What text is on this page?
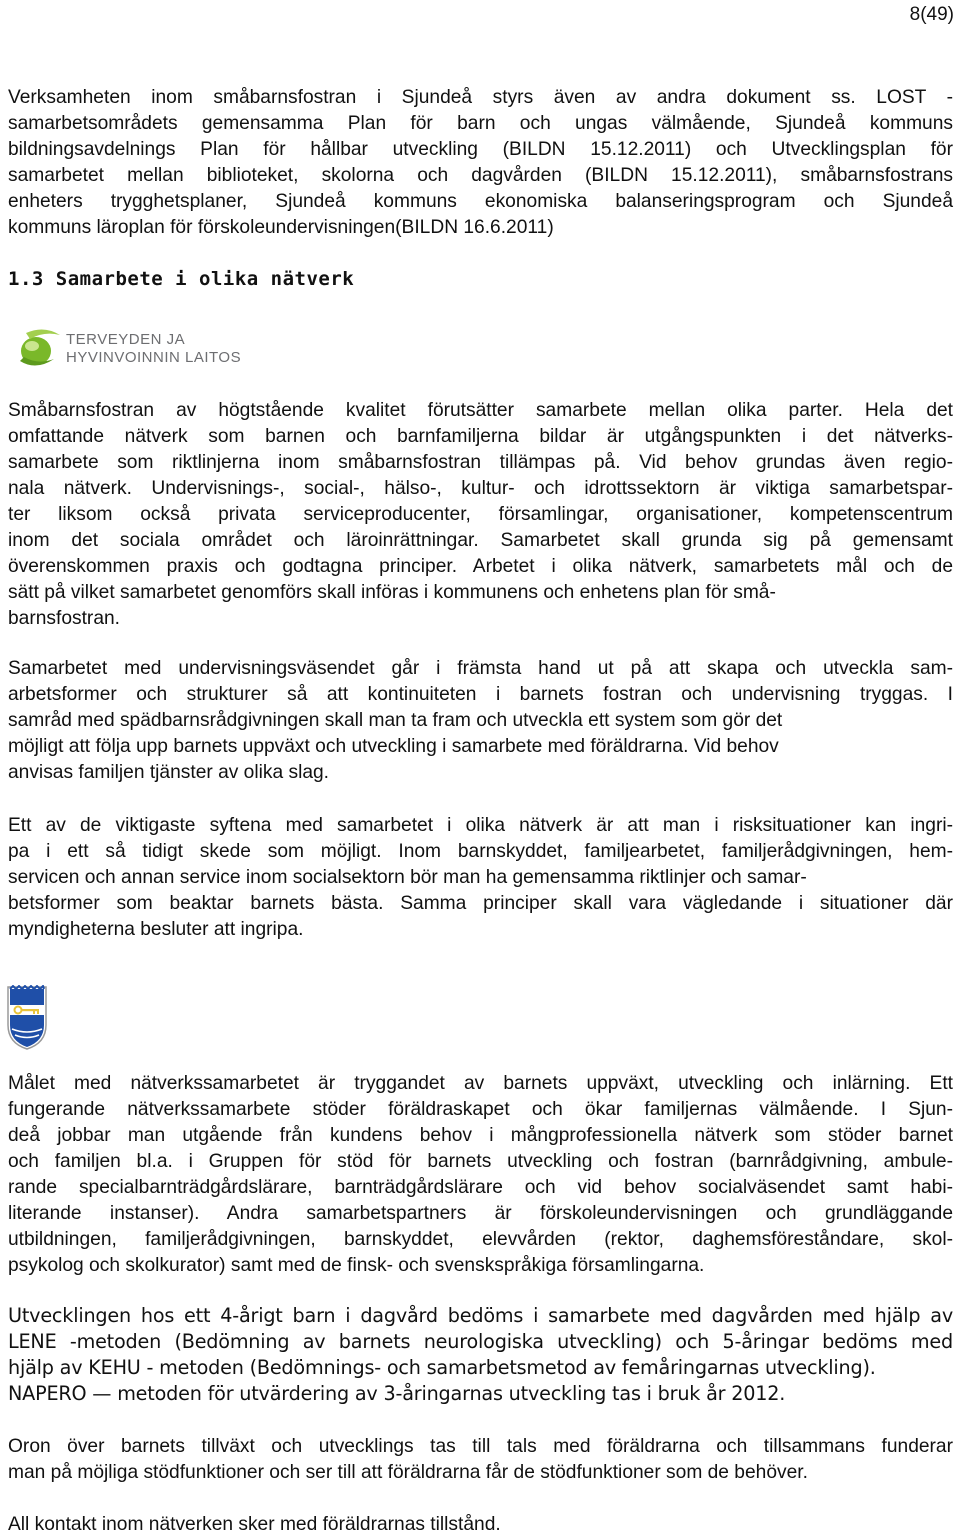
8(49)

Verksamheten inom småbarnsfostran i Sjundeå styrs även av andra dokument ss. LOST -
samarbetsområdets gemensamma Plan för barn och ungas välmående, Sjundeå kommuns
bildningsavdelnings Plan för hållbar utveckling (BILDN 15.12.2011) och Utvecklingsplan för
samarbetet mellan biblioteket, skolorna och dagvården (BILDN 15.12.2011), småbarnsfostrans
enheters trygghetsplaner, Sjundeå kommuns ekonomiska balanseringsprogram och Sjundeå
kommuns läroplan för förskoleundervisningen(BILDN 16.6.2011)

1.3 Samarbete i olika nätverk
TERVEYDEN JA
HYVINVOINNIN LAITOS

Småbarnsfostran av högtstående kvalitet förutsätter samarbete mellan olika parter. Hela det
omfattande nätverk som barnen och barnfamiljerna bildar är utgångspunkten i det nätverks-
samarbete som riktlinjerna inom småbarnsfostran tillämpas på. Vid behov grundas även regio-
nala nätverk. Undervisnings-, social-, hälso-, kultur- och idrottssektorn är viktiga samarbetspar-
ter liksom också privata serviceproducenter, församlingar, organisationer, kompetenscentrum
inom det sociala området och läroinrättningar. Samarbetet skall grunda sig på gemensamt
överenskommen praxis och godtagna principer. Arbetet i olika nätverk, samarbetets mål och de
sätt på vilket samarbetet genomförs skall införas i kommunens och enhetens plan för små-
barnsfostran.

Samarbetet med undervisningsväsendet går i främsta hand ut på att skapa och utveckla sam-
arbetsformer och strukturer så att kontinuiteten i barnets fostran och undervisning tryggas. I
samråd med spädbarnsrådgivningen skall man ta fram och utveckla ett system som gör det
möjligt att följa upp barnets uppväxt och utveckling i samarbete med föräldrarna. Vid behov
anvisas familjen tjänster av olika slag.

Ett av de viktigaste syftena med samarbetet i olika nätverk är att man i risksituationer kan ingri-
pa i ett så tidigt skede som möjligt. Inom barnskyddet, familjearbetet, familjerådgivningen, hem-
servicen och annan service inom socialsektorn bör man ha gemensamma riktlinjer och samar-
betsformer som beaktar barnets bästa. Samma principer skall vara vägledande i situationer där
myndigheterna besluter att ingripa.

Målet med nätverkssamarbetet är tryggandet av barnets uppväxt, utveckling och inlärning. Ett
fungerande nätverkssamarbete stöder föräldraskapet och ökar familjernas välmående. I Sjun-
deå jobbar man utgående från kundens behov i mångprofessionella nätverk som stöder barnet
och familjen bl.a. i Gruppen för stöd för barnets utveckling och fostran (barnrådgivning, ambule-
rande specialbarnträdgårdslärare, barnträdgårdslärare och vid behov socialväsendet samt habi-
literande instanser). Andra samarbetspartners är förskoleundervisningen och grundläggande
utbildningen, familjerådgivningen, barnskyddet, elevvården (rektor, daghemsföreståndare, skol-
psykolog och skolkurator) samt med de finsk- och svenskspråkiga församlingarna.

Utvecklingen hos ett 4-årigt barn i dagvård bedöms i samarbete med dagvården med hjälp av
LENE -metoden (Bedömning av barnets neurologiska utveckling) och 5-åringar bedöms med
hjälp av KEHU - metoden (Bedömnings- och samarbetsmetod av femåringarnas utveckling).
NAPERO — metoden för utvärdering av 3-åringarnas utveckling tas i bruk år 2012.

Oron över barnets tillväxt och utvecklings tas till tals med föräldrarna och tillsammans funderar
man på möjliga stödfunktioner och ser till att föräldrarna får de stödfunktioner som de behöver.

All kontakt inom nätverken sker med föräldrarnas tillstånd.
